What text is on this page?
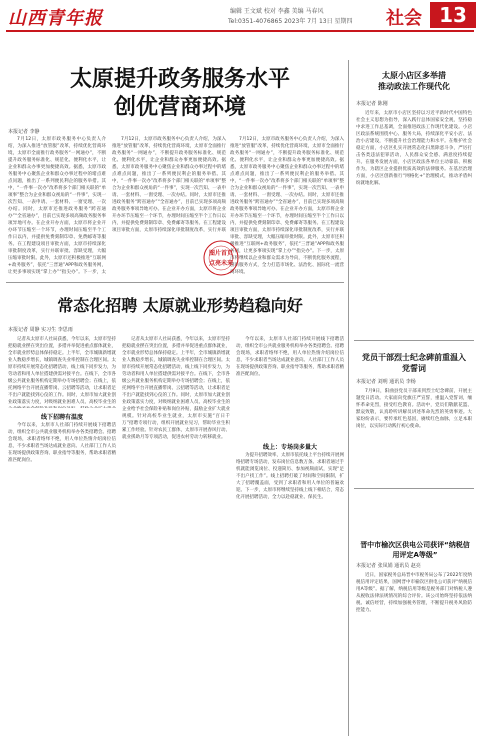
山西青年报	编辑 王文斌 校对 李鑫 美编 马春风
Tel:0351-4076865 2023年 7月 13日 星期四 社会 13
太原提升政务服务水平
创优营商环境
本报记者 李静

7月12日，太原市政务服务中心负责人介绍，为深入推进“放管服”改革，持续优化营商环境，太原市全面推行政务服务“一网通办”，不断提升政务服务标准化、规范化、便利化水平，让企业和群众办事更加便捷高效。据悉，太原市政务服务中心聚焦企业和群众办事过程中的堵点难点问题，推出了一系列便民利企的服务举措。其中，“一件事一次办”改革将多个部门相关联的“单项事”整合为企业和群众视角的“一件事”，实现一次告知、一表申请、一套材料、一窗受理、一次办结。同时，太原市还推进政务服务“跨省通办”“全省通办”，目前已实现多项高频政务服务事项异地可办。在企业开办方面，太原市将企业开办环节压缩至一个环节，办理时间压缩至半个工作日以内，并提供免费刻制印章、免费邮寄等服务。在工程建设项目审批方面，太原市持续深化审批制度改革，实行并联审批、容缺受理，大幅压缩审批时限。此外，太原市还积极推进“互联网+政务服务”，依托“三晋通”APP和政务服务网，让更多事项实现“掌上办”“指尖办”。下一步，太

7月12日，太原市政务服务中心负责人介绍，为深入推进“放管服”改革，持续优化营商环境，太原市全面推行政务服务“一网通办”，不断提升政务服务标准化、规范化、便利化水平，让企业和群众办事更加便捷高效。据悉，太原市政务服务中心聚焦企业和群众办事过程中的堵点难点问题，推出了一系列便民利企的服务举措。其中，“一件事一次办”改革将多个部门相关联的“单项事”整合为企业和群众视角的“一件事”，实现一次告知、一表申请、一套材料、一窗受理、一次办结。同时，太原市还推进政务服务“跨省通办”“全省通办”，目前已实现多项高频政务服务事项异地可办。在企业开办方面，太原市将企业开办环节压缩至一个环节，办理时间压缩至半个工作日以内，并提供免费刻制印章、免费邮寄等服务。在工程建设项目审批方面，太原市持续深化审批制度改革，实行并联

7月12日，太原市政务服务中心负责人介绍，为深入推进“放管服”改革，持续优化营商环境，太原市全面推行政务服务“一网通办”，不断提升政务服务标准化、规范化、便利化水平，让企业和群众办事更加便捷高效。据悉，太原市政务服务中心聚焦企业和群众办事过程中的堵点难点问题，推出了一系列便民利企的服务举措。其中，“一件事一次办”改革将多个部门相关联的“单项事”整合为企业和群众视角的“一件事”，实现一次告知、一表申请、一套材料、一窗受理、一次办结。同时，太原市还推进政务服务“跨省通办”“全省通办”，目前已实现多项高频政务服务事项异地可办。在企业开办方面，太原市将企业开办环节压缩至一个环节，办理时间压缩至半个工作日以内，并提供免费刻制印章、免费邮寄等服务。在工程建设项目审批方面，太原市持续深化审批制度改革，实行并联审批、容缺受理，大幅压缩审批时限。此外，太原市还积极推进“互联网+政务服务”，依托“三晋通”APP和政务服务网，让更多事项实现“掌上办”“指尖办”。下一步，太原市将继续以企业和群众需求为导向，不断优化服务流程，创新服务方式，全力打造市场化、法治化、国际化一流营商环境。

图片首页
点亮未来
太原小店区多举措
推动政法工作现代化
本报记者 陈刚

近年来，太原市小店区坚持以习近平新时代中国特色社会主义思想为指导，深入践行总体国家安全观，坚持稳中求进工作总基调，全面推进政法工作现代化建设。小店区政法系统围绕中心、服务大局，持续深化平安小店、法治小店建设，不断提升社会治理能力和水平。在维护社会稳定方面，小店区扎实开展常态化扫黑除恶斗争，严厉打击各类违法犯罪活动，人民群众安全感、满意度持续提升。在服务发展方面，小店区政法各单位主动靠前、积极作为，为辖区企业提供优质高效的法律服务。在基层治理方面，小店区创新推行“网格化+”治理模式，推动矛盾纠纷就地化解。

党员干部烈士纪念碑前重温入党誓词
本报记者 刘明 通讯员 李杨

7月9日，阳曲县党员干部来到烈士纪念碑前，开展主题党日活动。大家面向党旗庄严宣誓，重温入党誓词，缅怀革命先烈，接受红色教育。活动中，党员们敬献花篮、默哀致敬，认真聆听讲解员讲述革命先烈的英勇事迹。大家纷纷表示，要传承红色基因，赓续红色血脉，立足本职岗位，以实际行动践行初心使命。

晋中市榆次区供电公司获评“纳税信用评定A等级”
本报记者 张凤娟 通讯员 赵亮

近日，国家税务总局晋中市税务局公布了2022年度纳税信用评定结果，国网晋中市榆次区供电公司获评“纳税信用A等级”。据了解，纳税信用等级是税务部门对纳税人遵从税收法律法规情况的综合评价。该公司始终坚持依法纳税、诚信经营，持续加强税务管理，不断提升税务风险防控能力。

常态化招聘 太原就业形势趋稳向好
本报记者 周静 实习生 李思雨

记者从太原市人社局获悉，今年以来，太原市坚持把稳就业摆在突出位置，多措并举促进重点群体就业，全市就业形势总体保持稳定。上半年，全市城镇新增就业人数稳步增长，城镇调查失业率控制在合理区间。太原市持续开展常态化招聘活动，线上线下同步发力，为劳动者和用人单位搭建供需对接平台。在线下，全市各级公共就业服务机构定期举办专场招聘会；在线上，依托网络平台开展直播带岗、云招聘等活动，让求职者足不出户就能找到心仪的工作。同时，太原市加大就业创业政策落实力度，对吸纳就业困难人员、高校毕业生的

线下招聘有温度

今年以来，太原市人社部门持续开展线下招聘活动，组织全市公共就业服务机构举办各类招聘会。招聘会现场，求职者络绎不绝，用人单位热情介绍岗位信息，不少求职者当场达成就业意向。人社部门工作人员在现场提供政策咨询、职业指导等服务，帮助求职者精准匹配岗位。

记者从太原市人社局获悉，今年以来，太原市坚持把稳就业摆在突出位置，多措并举促进重点群体就业，全市就业形势总体保持稳定。上半年，全市城镇新增就业人数稳步增长，城镇调查失业率控制在合理区间。太原市持续开展常态化招聘活动，线上线下同步发力，为劳动者和用人单位搭建供需对接平台。在线下，全市各级公共就业服务机构定期举办专场招聘会；在线上，依托网络平台开展直播带岗、云招聘等活动，让求职者足不出户就能找到心仪的工作。同时，太原市加大就业创业政策落实力度，对吸纳就业困难人员、高校毕业生的企业给予社会保险补贴和岗位补贴，鼓励企业扩大就业规模。针对高校毕业生就业，太原市实施“百日千万”招聘专项行动，组织开展就业见习，帮助毕业生积累工作经验。针对农民工群体，太原市开展春风行动、就业援助月等专项活动，促进农村劳动力转移就业。

今年以来，太原市人社部门持续开展线下招聘活动，组织全市公共就业服务机构举办各类招聘会。招聘会现场，求职者络绎不绝，用人单位热情介绍岗位信息，不少求职者当场达成就业意向。人社部门工作人员在现场提供政策咨询、职业指导等服务，帮助求职者精准匹配岗位。

线上：专场岗多量大

为提升招聘效率，太原市依托线上平台持续开展网络招聘专场活动，发布岗位信息数万条。求职者通过手机就能浏览岗位、投递简历、参加视频面试，实现“足不出户找工作”。线上招聘打破了时间和空间限制，扩大了招聘覆盖面，受到了求职者和用人单位的普遍欢迎。下一步，太原市将继续坚持线上线下相结合，常态化开展招聘活动，全力以赴稳就业、保民生。
